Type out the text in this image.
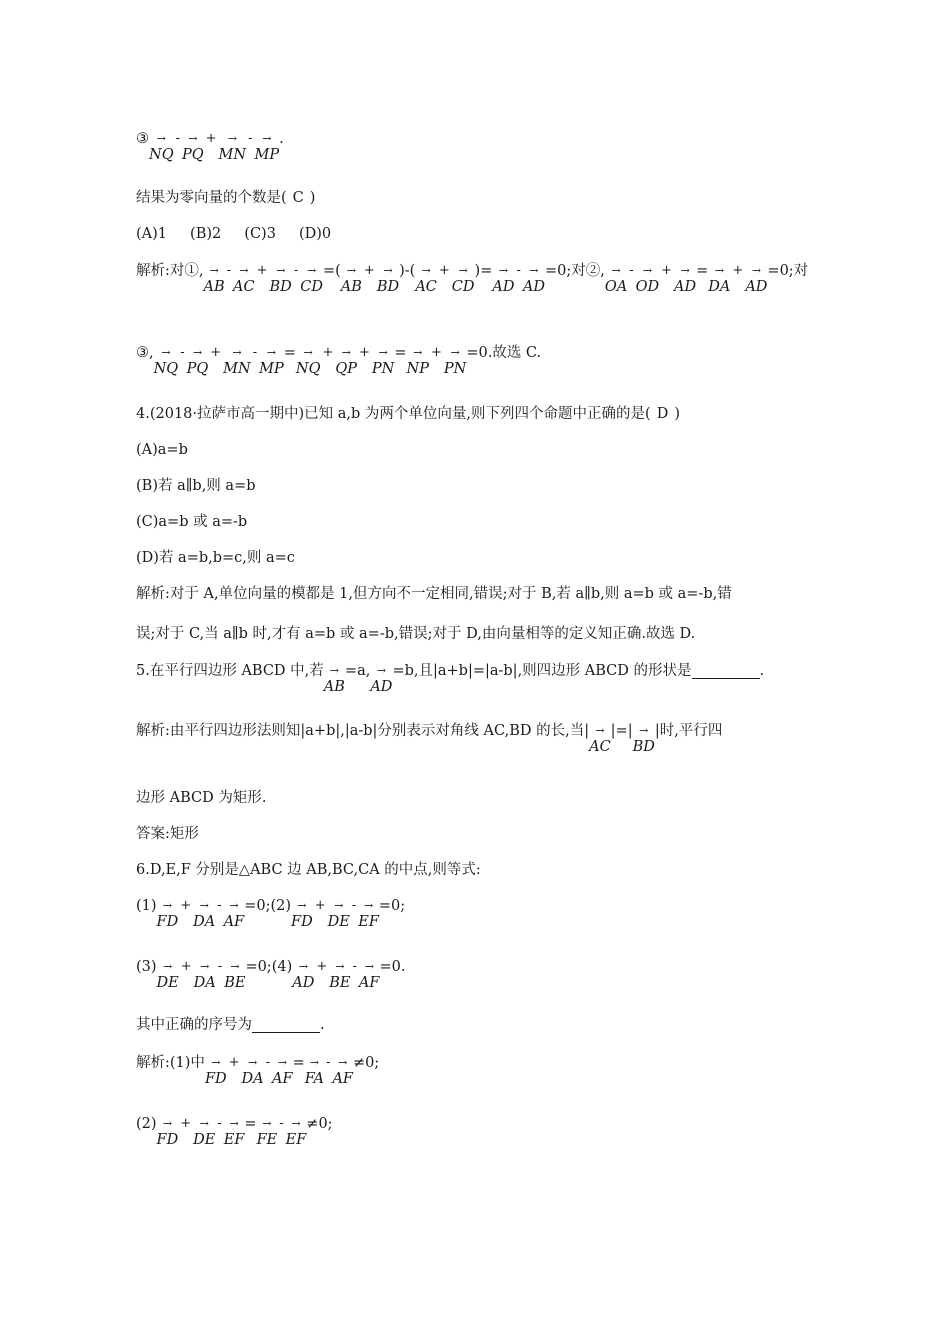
③ →
NQ
- →
PQ
+	→
MN
- →
MP
.
结果为零向量的个数是( C )
(A)1     (B)2     (C)3     (D)0
解析:对①, →
AB
- →
AC
+ →
BD
- →
CD
=( →
AB
+ →
BD
)-( →
AC
+ →
CD
)= →
AD
- →
AD
=0;对②, →
OA
- →
OD
+ →
AD
= →
DA
+ →
AD
=0;对
③, →
NQ
- →
PQ
+	→
MN
- →
MP
= →
NQ
+ →
QP
+ →
PN
= →
NP
+ →
PN
=0.故选 C.
4.(2018·拉萨市高一期中)已知 a,b 为两个单位向量,则下列四个命题中正确的是( D )
(A)a=b
(B)若 a∥b,则 a=b
(C)a=b 或 a=-b
(D)若 a=b,b=c,则 a=c
解析:对于 A,单位向量的模都是 1,但方向不一定相同,错误;对于 B,若 a∥b,则 a=b 或 a=-b,错
误;对于 C,当 a∥b 时,才有 a=b 或 a=-b,错误;对于 D,由向量相等的定义知正确.故选 D.
5.在平行四边形 ABCD 中,若 →
AB
=a, →
AD
=b,且|a+b|=|a-b|,则四边形 ABCD 的形状是	.
解析:由平行四边形法则知|a+b|,|a-b|分别表示对角线 AC,BD 的长,当| →
AC
|=| →
BD
|时,平行四
边形 ABCD 为矩形.
答案:矩形
6.D,E,F 分别是△ABC 边 AB,BC,CA 的中点,则等式:
(1) →
FD
+ →
DA
- →
AF
=0;(2) →
FD
+ →
DE
- →
EF
=0;
(3) →
DE
+ →
DA
- →
BE
=0;(4) →
AD
+ →
BE
- →
AF
=0.
其中正确的序号为	.
解析:(1)中 →
FD
+ →
DA
- →
AF
= →
FA
- →
AF
≠0;
(2) →
FD
+ →
DE
- →
EF
= →
FE
- →
EF
≠0;
